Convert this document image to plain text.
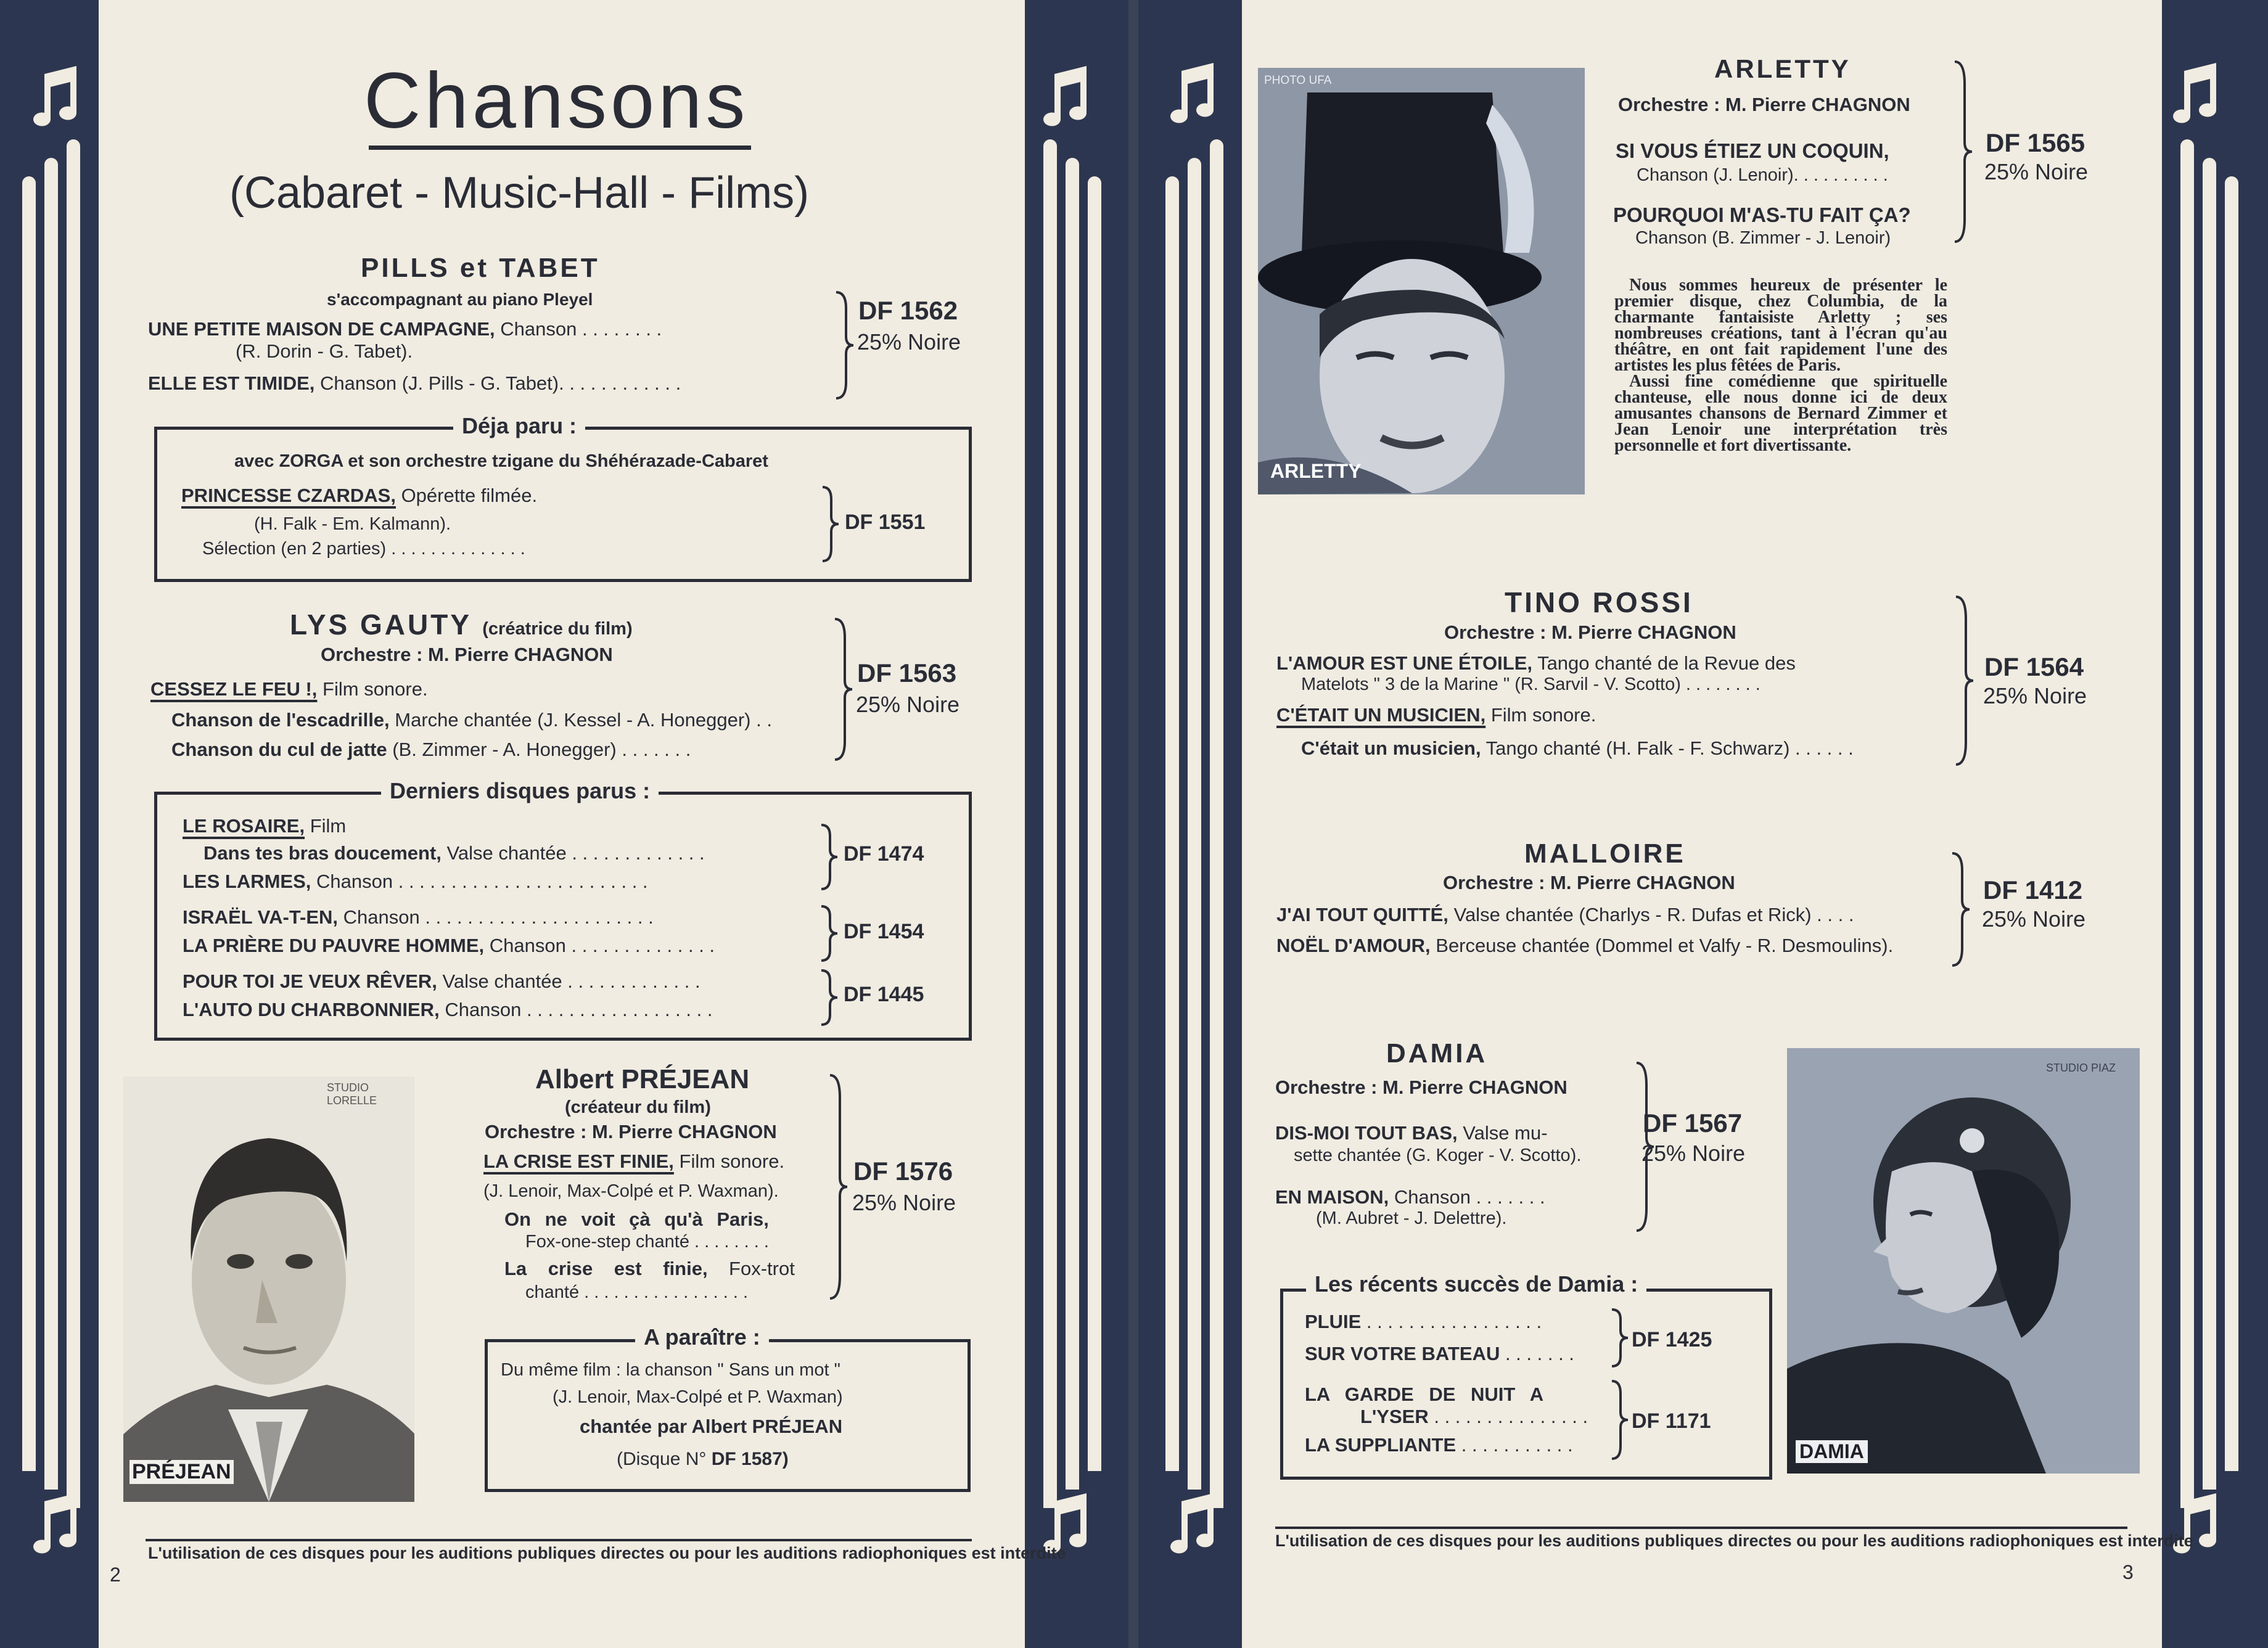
Chansons
(Cabaret - Music-Hall - Films)
PILLS et TABET
s'accompagnant au piano Pleyel
UNE PETITE MAISON DE CAMPAGNE, Chanson . . . . . . . .
(R. Dorin - G. Tabet).
ELLE EST TIMIDE, Chanson (J. Pills - G. Tabet). . . . . . . . . . . .
DF 1562
25% Noire
Déja paru :
avec ZORGA et son orchestre tzigane du Shéhérazade-Cabaret
PRINCESSE CZARDAS, Opérette filmée.
(H. Falk - Em. Kalmann).
Sélection (en 2 parties) . . . . . . . . . . . . . .
DF 1551
LYS GAUTY (créatrice du film)
Orchestre : M. Pierre CHAGNON
CESSEZ LE FEU !, Film sonore.
Chanson de l'escadrille, Marche chantée (J. Kessel - A. Honegger) . .
Chanson du cul de jatte (B. Zimmer - A. Honegger) . . . . . . .
DF 1563
25% Noire
Derniers disques parus :
LE ROSAIRE, Film
Dans tes bras doucement, Valse chantée . . . . . . . . . . . . .
LES LARMES, Chanson . . . . . . . . . . . . . . . . . . . . . . . .
DF 1474
ISRAËL VA-T-EN, Chanson . . . . . . . . . . . . . . . . . . . . . .
LA PRIÈRE DU PAUVRE HOMME, Chanson . . . . . . . . . . . . . .
DF 1454
POUR TOI JE VEUX RÊVER, Valse chantée . . . . . . . . . . . . .
L'AUTO DU CHARBONNIER, Chanson . . . . . . . . . . . . . . . . . .
DF 1445
STUDIO LORELLE
PRÉJEAN
Albert PRÉJEAN
(créateur du film)
Orchestre : M. Pierre CHAGNON
LA CRISE EST FINIE, Film sonore.
(J. Lenoir, Max-Colpé et P. Waxman).
On ne voit çà qu'à Paris,
Fox-one-step chanté . . . . . . . .
La crise est finie, Fox-trot
chanté . . . . . . . . . . . . . . . . .
DF 1576
25% Noire
A paraître :
Du même film : la chanson " Sans un mot "
(J. Lenoir, Max-Colpé et P. Waxman)
chantée par Albert PRÉJEAN
(Disque N° DF 1587)
L'utilisation de ces disques pour les auditions publiques directes ou pour les auditions radiophoniques est interdite
2
PHOTO UFA
ARLETTY
ARLETTY
Orchestre : M. Pierre CHAGNON
SI VOUS ÉTIEZ UN COQUIN,
Chanson (J. Lenoir). . . . . . . . . .
POURQUOI M'AS-TU FAIT ÇA?
Chanson (B. Zimmer - J. Lenoir)
DF 1565
25% Noire

Nous sommes heureux de présenter le premier disque, chez Columbia, de la charmante fantaisiste Arletty ; ses nombreuses créations, tant à l'écran qu'au théâtre, en ont fait rapidement l'une des artistes les plus fêtées de Paris.

Aussi fine comédienne que spirituelle chanteuse, elle nous donne ici de deux amusantes chansons de Bernard Zimmer et Jean Lenoir une interprétation très personnelle et fort divertissante.

TINO ROSSI
Orchestre : M. Pierre CHAGNON
L'AMOUR EST UNE ÉTOILE, Tango chanté de la Revue des
Matelots " 3 de la Marine " (R. Sarvil - V. Scotto) . . . . . . . .
C'ÉTAIT UN MUSICIEN, Film sonore.
C'était un musicien, Tango chanté (H. Falk - F. Schwarz) . . . . . .
DF 1564
25% Noire
MALLOIRE
Orchestre : M. Pierre CHAGNON
J'AI TOUT QUITTÉ, Valse chantée (Charlys - R. Dufas et Rick) . . . .
NOËL D'AMOUR, Berceuse chantée (Dommel et Valfy - R. Desmoulins).
DF 1412
25% Noire
DAMIA
Orchestre : M. Pierre CHAGNON
DIS-MOI TOUT BAS, Valse mu-
sette chantée (G. Koger - V. Scotto).
EN MAISON, Chanson . . . . . . .
(M. Aubret - J. Delettre).
DF 1567
25% Noire
STUDIO PIAZ
DAMIA
Les récents succès de Damia :
PLUIE . . . . . . . . . . . . . . . . .
SUR VOTRE BATEAU . . . . . . .
DF 1425
LA GARDE DE NUIT A
L'YSER . . . . . . . . . . . . . . .
LA SUPPLIANTE . . . . . . . . . . .
DF 1171
L'utilisation de ces disques pour les auditions publiques directes ou pour les auditions radiophoniques est interdite
3
